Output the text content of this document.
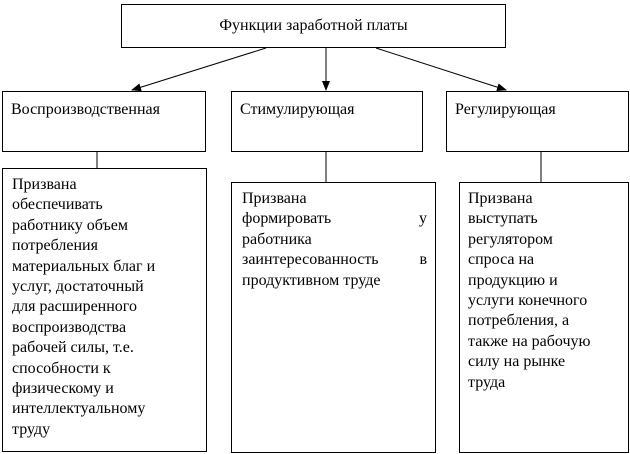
Функции заработной платы
Воспроизводственная	Стимулирующая	Регулирующая
Призвана
обеспечивать
работнику объем
потребления
материальных благ и
услуг, достаточный
для расширенного
воспроизводства
рабочей силы, т.е.
способности к
физическому и
интеллектуальному
труду
Призвана
формировать у
работника
заинтересованность в
продуктивном труде
Призвана
выступать
регулятором
спроса на
продукцию и
услуги конечного
потребления, а
также на рабочую
силу на рынке
труда
